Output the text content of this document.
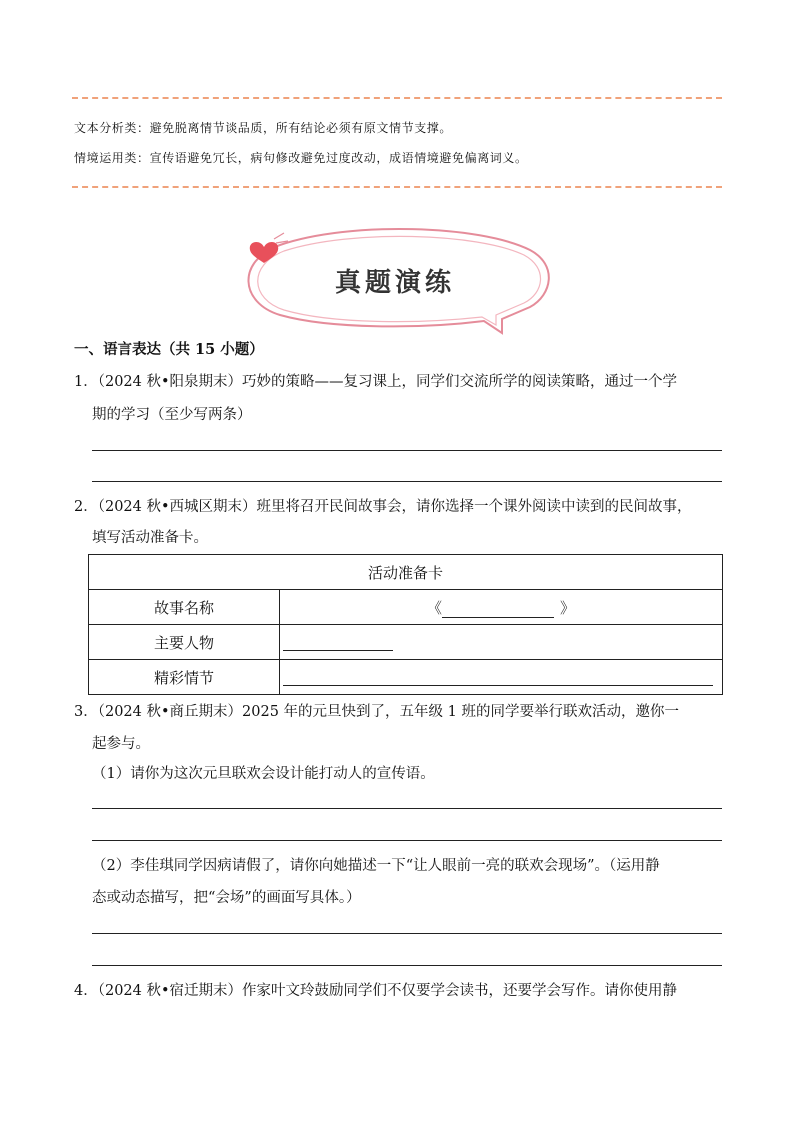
文本分析类：避免脱离情节谈品质，所有结论必须有原文情节支撑。
情境运用类：宣传语避免冗长，病句修改避免过度改动，成语情境避免偏离词义。
真题演练
一、语言表达（共 15 小题）
1．（2024 秋•阳泉期末）巧妙的策略——复习课上，同学们交流所学的阅读策略，通过一个学
期的学习（至少写两条）
2．（2024 秋•西城区期末）班里将召开民间故事会，请你选择一个课外阅读中读到的民间故事，
填写活动准备卡。
活动准备卡	
故事名称	《 》
主要人物	
精彩情节	
3．（2024 秋•商丘期末）2025 年的元旦快到了，五年级 1 班的同学要举行联欢活动，邀你一
起参与。
（1）请你为这次元旦联欢会设计能打动人的宣传语。
（2）李佳琪同学因病请假了，请你向她描述一下“让人眼前一亮的联欢会现场”。（运用静
态或动态描写，把“会场”的画面写具体。）
4．（2024 秋•宿迁期末）作家叶文玲鼓励同学们不仅要学会读书，还要学会写作。请你使用静
